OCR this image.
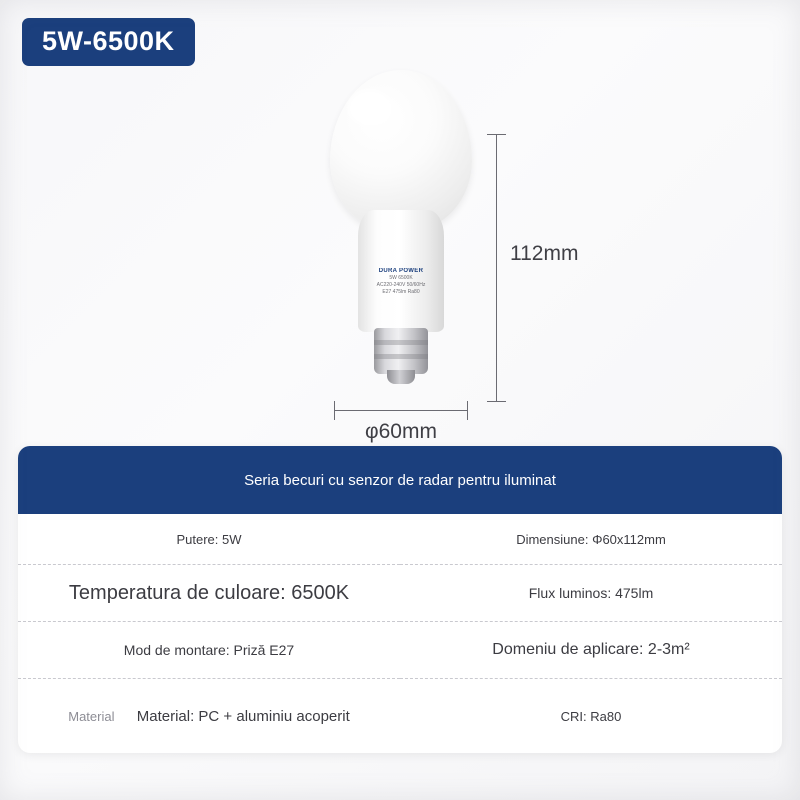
5W-6500K
DURA POWER
5W 6500K
AC220-240V 50/60Hz
E27 475lm Ra80
112mm
φ60mm
Seria becuri cu senzor de radar pentru iluminat
Putere: 5W	Dimensiune: Φ60x112mm
Temperatura de culoare: 6500K	Flux luminos: 475lm
Mod de montare: Priză E27	Domeniu de aplicare: 2-3m²
Material Material: PC + aluminiu acoperit	CRI: Ra80
